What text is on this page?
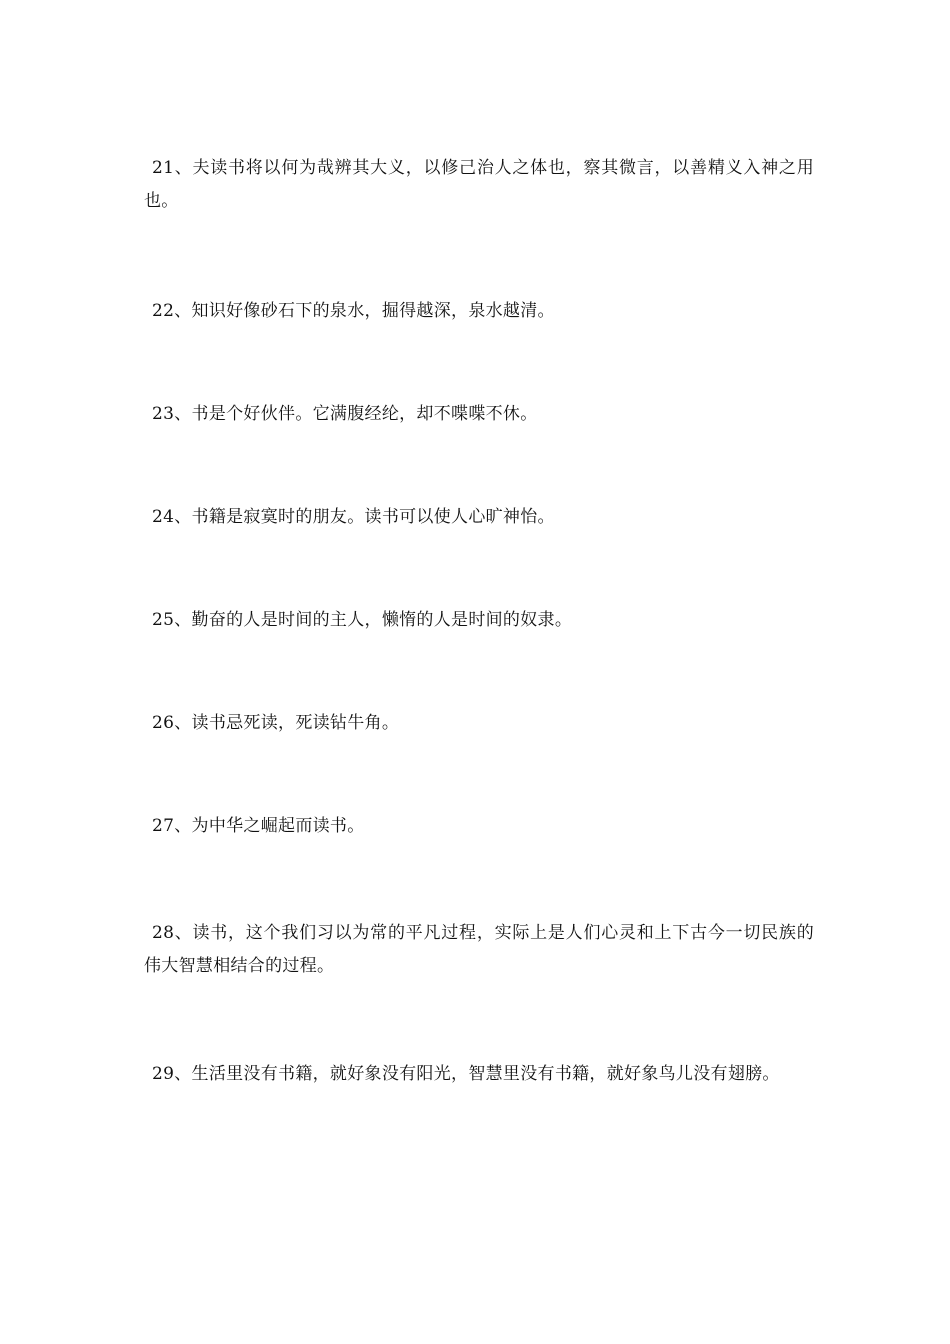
21、夫读书将以何为哉辨其大义，以修己治人之体也，察其微言，以善精义入神之用也。

22、知识好像砂石下的泉水，掘得越深，泉水越清。

23、书是个好伙伴。它满腹经纶，却不喋喋不休。

24、书籍是寂寞时的朋友。读书可以使人心旷神怡。

25、勤奋的人是时间的主人，懒惰的人是时间的奴隶。

26、读书忌死读，死读钻牛角。

27、为中华之崛起而读书。

28、读书，这个我们习以为常的平凡过程，实际上是人们心灵和上下古今一切民族的伟大智慧相结合的过程。

29、生活里没有书籍，就好象没有阳光，智慧里没有书籍，就好象鸟儿没有翅膀。
